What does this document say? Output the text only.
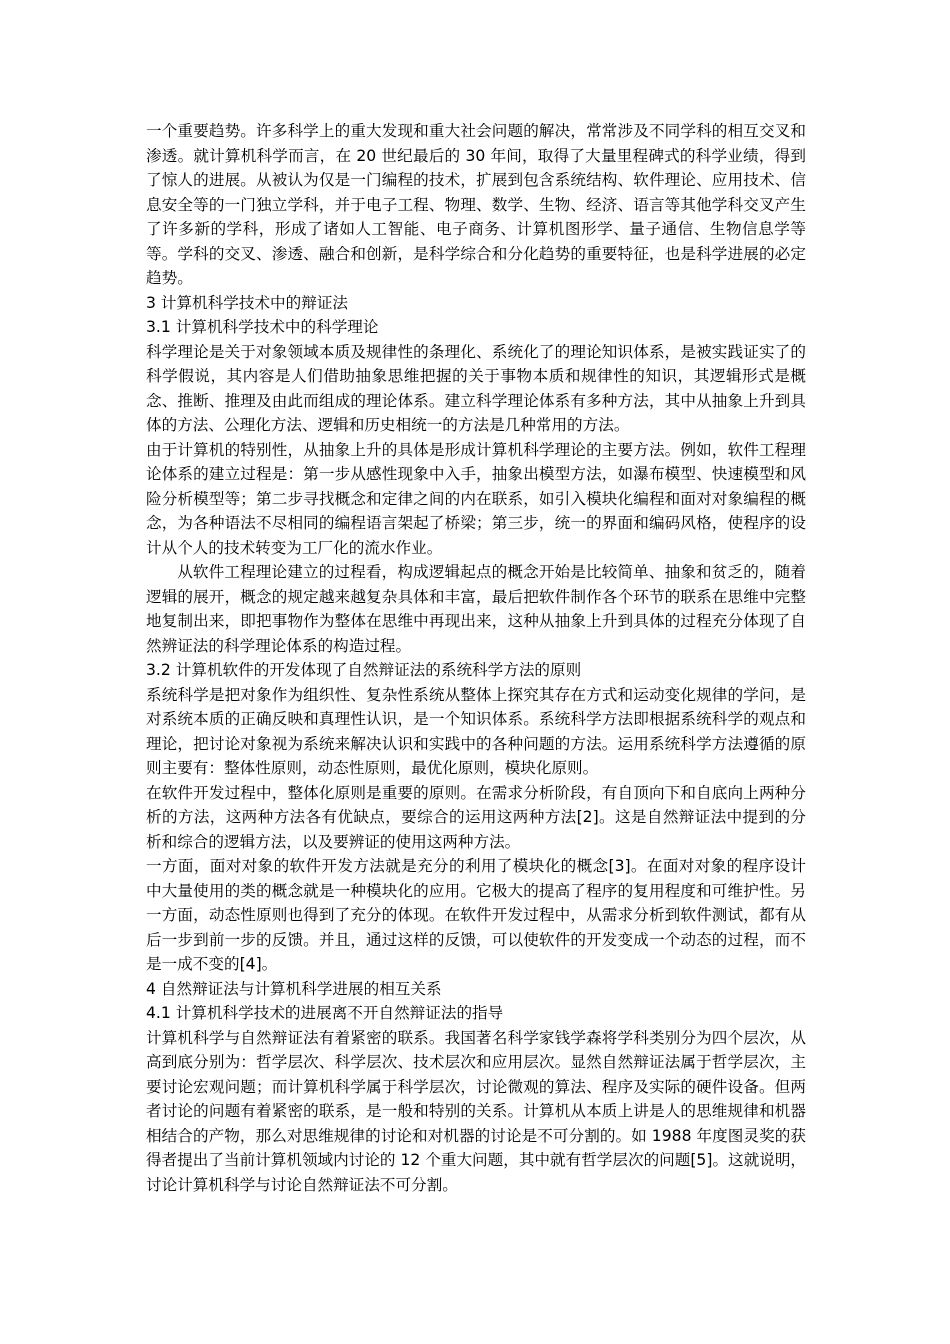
一个重要趋势。许多科学上的重大发现和重大社会问题的解决，常常涉及不同学科的相互交叉和渗透。就计算机科学而言，在 20 世纪最后的 30 年间，取得了大量里程碑式的科学业绩，得到了惊人的进展。从被认为仅是一门编程的技术，扩展到包含系统结构、软件理论、应用技术、信息安全等的一门独立学科，并于电子工程、物理、数学、生物、经济、语言等其他学科交叉产生了许多新的学科，形成了诸如人工智能、电子商务、计算机图形学、量子通信、生物信息学等等。学科的交叉、渗透、融合和创新，是科学综合和分化趋势的重要特征，也是科学进展的必定趋势。

3 计算机科学技术中的辩证法
3.1 计算机科学技术中的科学理论

科学理论是关于对象领域本质及规律性的条理化、系统化了的理论知识体系，是被实践证实了的科学假说，其内容是人们借助抽象思维把握的关于事物本质和规律性的知识，其逻辑形式是概念、推断、推理及由此而组成的理论体系。建立科学理论体系有多种方法，其中从抽象上升到具体的方法、公理化方法、逻辑和历史相统一的方法是几种常用的方法。

由于计算机的特别性，从抽象上升的具体是形成计算机科学理论的主要方法。例如，软件工程理论体系的建立过程是：第一步从感性现象中入手，抽象出模型方法，如瀑布模型、快速模型和风险分析模型等；第二步寻找概念和定律之间的内在联系，如引入模块化编程和面对对象编程的概念，为各种语法不尽相同的编程语言架起了桥梁；第三步，统一的界面和编码风格，使程序的设计从个人的技术转变为工厂化的流水作业。

从软件工程理论建立的过程看，构成逻辑起点的概念开始是比较简单、抽象和贫乏的，随着逻辑的展开，概念的规定越来越复杂具体和丰富，最后把软件制作各个环节的联系在思维中完整地复制出来，即把事物作为整体在思维中再现出来，这种从抽象上升到具体的过程充分体现了自然辨证法的科学理论体系的构造过程。

3.2 计算机软件的开发体现了自然辩证法的系统科学方法的原则

系统科学是把对象作为组织性、复杂性系统从整体上探究其存在方式和运动变化规律的学问，是对系统本质的正确反映和真理性认识，是一个知识体系。系统科学方法即根据系统科学的观点和理论，把讨论对象视为系统来解决认识和实践中的各种问题的方法。运用系统科学方法遵循的原则主要有：整体性原则，动态性原则，最优化原则，模块化原则。

在软件开发过程中，整体化原则是重要的原则。在需求分析阶段，有自顶向下和自底向上两种分析的方法，这两种方法各有优缺点，要综合的运用这两种方法[2]。这是自然辩证法中提到的分析和综合的逻辑方法，以及要辨证的使用这两种方法。

一方面，面对对象的软件开发方法就是充分的利用了模块化的概念[3]。在面对对象的程序设计中大量使用的类的概念就是一种模块化的应用。它极大的提高了程序的复用程度和可维护性。另一方面，动态性原则也得到了充分的体现。在软件开发过程中，从需求分析到软件测试，都有从后一步到前一步的反馈。并且，通过这样的反馈，可以使软件的开发变成一个动态的过程，而不是一成不变的[4]。

4 自然辩证法与计算机科学进展的相互关系
4.1 计算机科学技术的进展离不开自然辩证法的指导

计算机科学与自然辩证法有着紧密的联系。我国著名科学家钱学森将学科类别分为四个层次，从高到底分别为：哲学层次、科学层次、技术层次和应用层次。显然自然辩证法属于哲学层次，主要讨论宏观问题；而计算机科学属于科学层次，讨论微观的算法、程序及实际的硬件设备。但两者讨论的问题有着紧密的联系，是一般和特别的关系。计算机从本质上讲是人的思维规律和机器相结合的产物，那么对思维规律的讨论和对机器的讨论是不可分割的。如 1988 年度图灵奖的获得者提出了当前计算机领域内讨论的 12 个重大问题，其中就有哲学层次的问题[5]。这就说明，讨论计算机科学与讨论自然辩证法不可分割。
